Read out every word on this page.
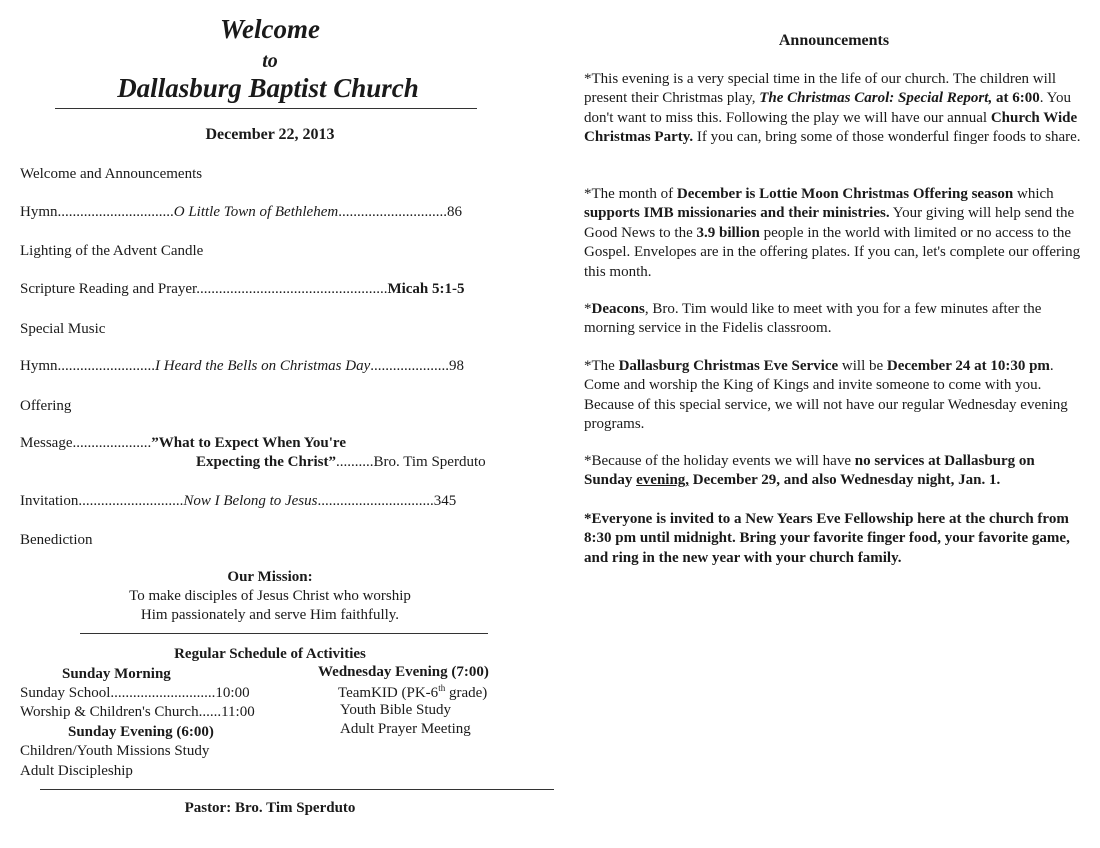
Welcome
to
Dallasburg Baptist Church
December 22, 2013
Welcome and Announcements
Hymn...............................O Little Town of Bethlehem.............................86
Lighting of the Advent Candle
Scripture Reading and Prayer...................................................Micah 5:1-5
Special Music
Hymn..........................I Heard the Bells on Christmas Day.....................98
Offering
Message.....................”What to Expect When You're
Expecting the Christ”..........Bro. Tim Sperduto
Invitation............................Now I Belong to Jesus...............................345
Benediction
Our Mission:
To make disciples of Jesus Christ who worship
Him passionately and serve Him faithfully.
Regular Schedule of Activities
Sunday Morning
Sunday School............................10:00
Worship & Children's Church......11:00
Sunday Evening (6:00)
Children/Youth Missions Study
Adult Discipleship
Wednesday Evening (7:00)
TeamKID (PK-6th grade)
Youth Bible Study
Adult Prayer Meeting
Pastor: Bro. Tim Sperduto
Announcements

*This evening is a very special time in the life of our church. The children will present their Christmas play, The Christmas Carol: Special Report, at 6:00. You don't want to miss this. Following the play we will have our annual Church Wide Christmas Party. If you can, bring some of those wonderful finger foods to share.

*The month of December is Lottie Moon Christmas Offering season which supports IMB missionaries and their ministries. Your giving will help send the Good News to the 3.9 billion people in the world with limited or no access to the Gospel. Envelopes are in the offering plates. If you can, let's complete our offering this month.

*Deacons, Bro. Tim would like to meet with you for a few minutes after the morning service in the Fidelis classroom.

*The Dallasburg Christmas Eve Service will be December 24 at 10:30 pm. Come and worship the King of Kings and invite someone to come with you. Because of this special service, we will not have our regular Wednesday evening programs.

*Because of the holiday events we will have no services at Dallasburg on Sunday evening, December 29, and also Wednesday night, Jan. 1.

*Everyone is invited to a New Years Eve Fellowship here at the church from 8:30 pm until midnight. Bring your favorite finger food, your favorite game, and ring in the new year with your church family.
